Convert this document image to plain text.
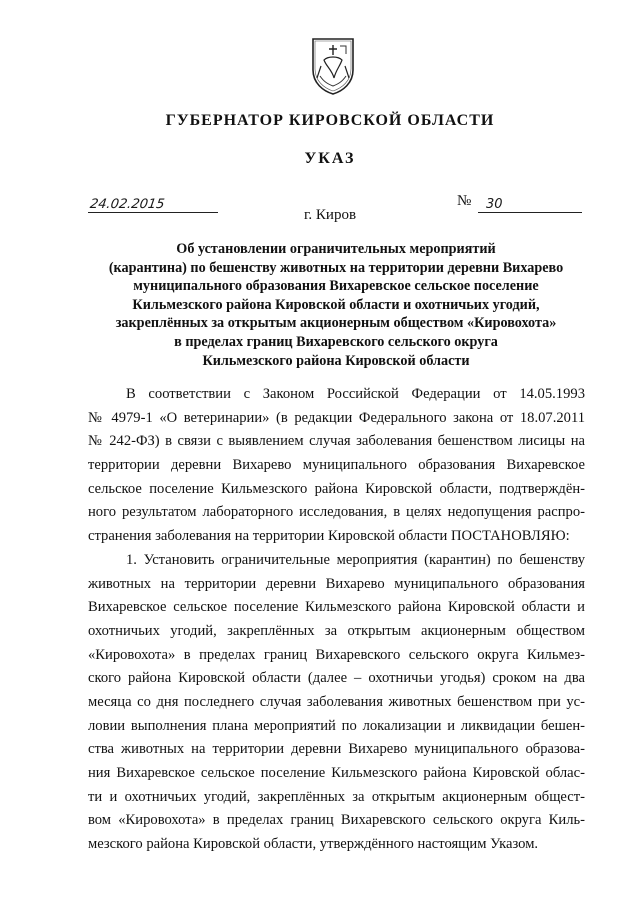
ГУБЕРНАТОР КИРОВСКОЙ ОБЛАСТИ
УКАЗ
24.02.2015	№ 30
г. Киров
Об установлении ограничительных мероприятий
(карантина) по бешенству животных на территории деревни Вихарево
муниципального образования Вихаревское сельское поселение
Кильмезского района Кировской области и охотничьих угодий,
закреплённых за открытым акционерным обществом «Кировохота»
в пределах границ Вихаревского сельского округа
Кильмезского района Кировской области
В соответствии с Законом Российской Федерации от 14.05.1993
№ 4979-1 «О ветеринарии» (в редакции Федерального закона от 18.07.2011
№ 242-ФЗ) в связи с выявлением случая заболевания бешенством лисицы на
территории деревни Вихарево муниципального образования Вихаревское
сельское поселение Кильмезского района Кировской области, подтверждён-
ного результатом лабораторного исследования, в целях недопущения распро-
странения заболевания на территории Кировской области ПОСТАНОВЛЯЮ:
1. Установить ограничительные мероприятия (карантин) по бешенству
животных на территории деревни Вихарево муниципального образования
Вихаревское сельское поселение Кильмезского района Кировской области и
охотничьих угодий, закреплённых за открытым акционерным обществом
«Кировохота» в пределах границ Вихаревского сельского округа Кильмез-
ского района Кировской области (далее – охотничьи угодья) сроком на два
месяца со дня последнего случая заболевания животных бешенством при ус-
ловии выполнения плана мероприятий по локализации и ликвидации бешен-
ства животных на территории деревни Вихарево муниципального образова-
ния Вихаревское сельское поселение Кильмезского района Кировской облас-
ти и охотничьих угодий, закреплённых за открытым акционерным общест-
вом «Кировохота» в пределах границ Вихаревского сельского округа Киль-
мезского района Кировской области, утверждённого настоящим Указом.
